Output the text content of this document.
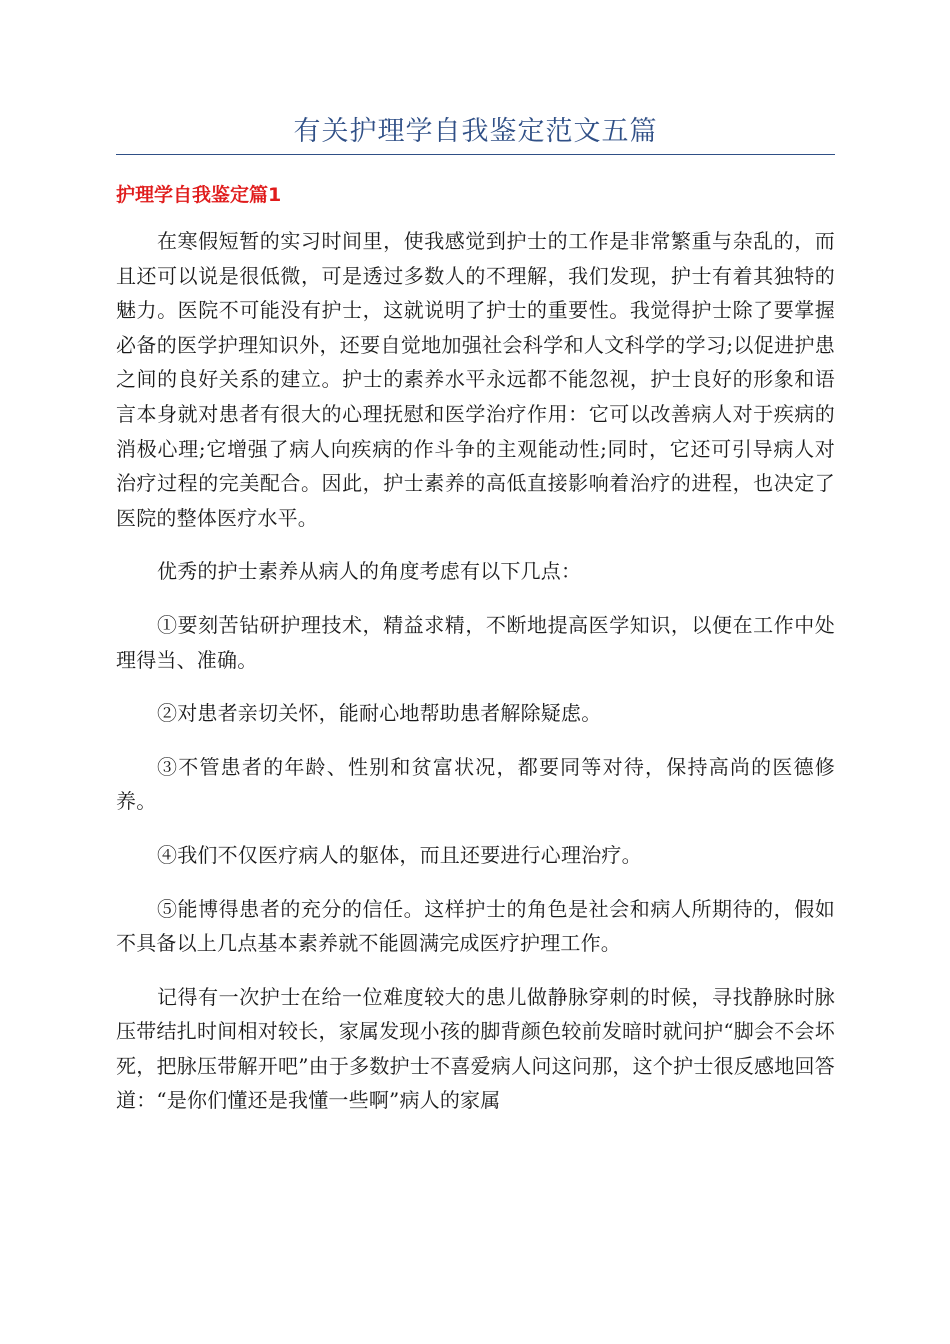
有关护理学自我鉴定范文五篇
护理学自我鉴定篇1

在寒假短暂的实习时间里，使我感觉到护士的工作是非常繁重与杂乱的，而且还可以说是很低微，可是透过多数人的不理解，我们发现，护士有着其独特的魅力。医院不可能没有护士，这就说明了护士的重要性。我觉得护士除了要掌握必备的医学护理知识外，还要自觉地加强社会科学和人文科学的学习;以促进护患之间的良好关系的建立。护士的素养水平永远都不能忽视，护士良好的形象和语言本身就对患者有很大的心理抚慰和医学治疗作用：它可以改善病人对于疾病的消极心理;它增强了病人向疾病的作斗争的主观能动性;同时，它还可引导病人对治疗过程的完美配合。因此，护士素养的高低直接影响着治疗的进程，也决定了医院的整体医疗水平。

优秀的护士素养从病人的角度考虑有以下几点：

①要刻苦钻研护理技术，精益求精，不断地提高医学知识，以便在工作中处理得当、准确。

②对患者亲切关怀，能耐心地帮助患者解除疑虑。

③不管患者的年龄、性别和贫富状况，都要同等对待，保持高尚的医德修养。

④我们不仅医疗病人的躯体，而且还要进行心理治疗。

⑤能博得患者的充分的信任。这样护士的角色是社会和病人所期待的，假如不具备以上几点基本素养就不能圆满完成医疗护理工作。

记得有一次护士在给一位难度较大的患儿做静脉穿刺的时候，寻找静脉时脉压带结扎时间相对较长，家属发现小孩的脚背颜色较前发暗时就问护“脚会不会坏死，把脉压带解开吧”由于多数护士不喜爱病人问这问那，这个护士很反感地回答道：“是你们懂还是我懂一些啊”病人的家属
